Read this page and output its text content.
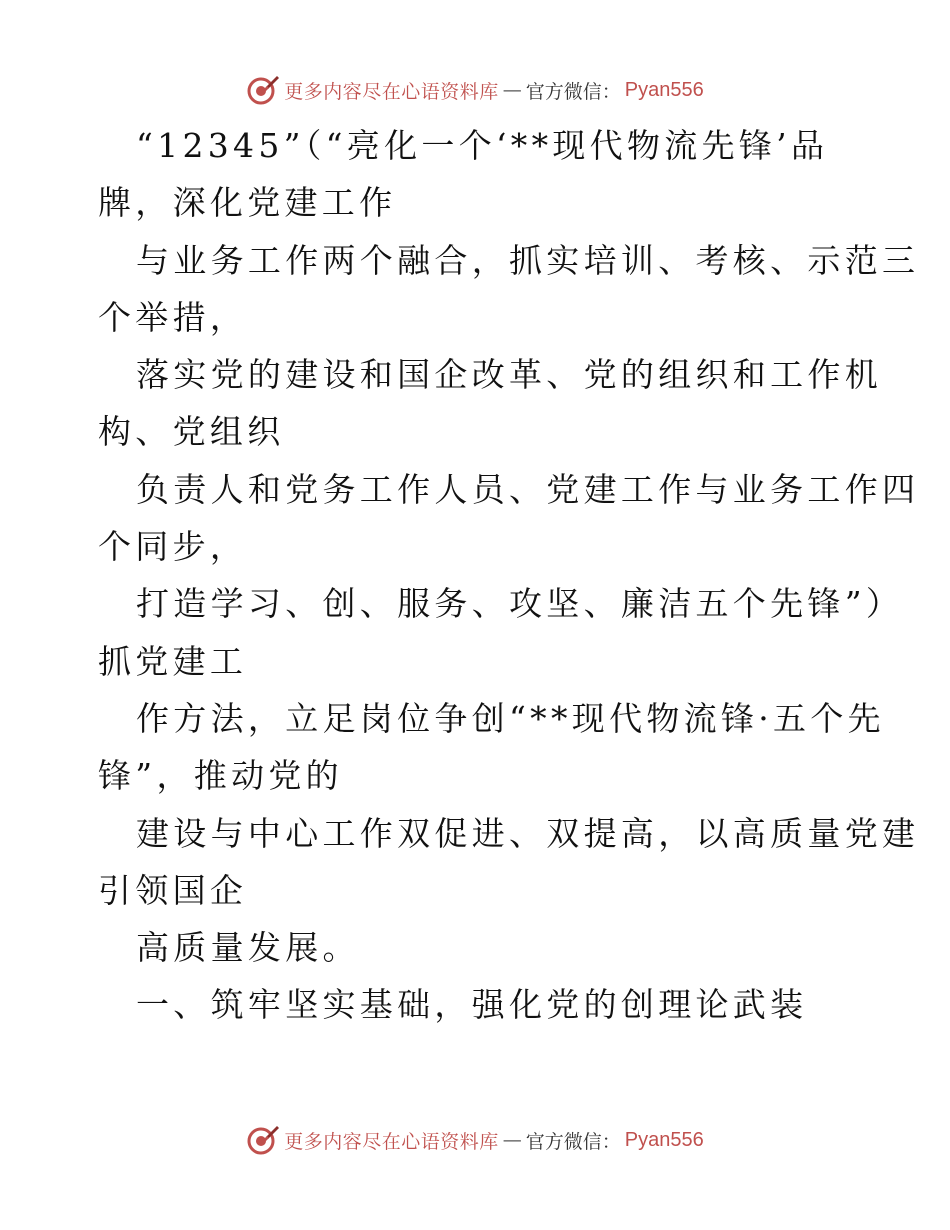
更多内容尽在心语资料库 — 官方微信： Pyan556
“12345”（“亮化一个‘**现代物流先锋’品
牌，深化党建工作
与业务工作两个融合，抓实培训、考核、示范三
个举措，
落实党的建设和国企改革、党的组织和工作机
构、党组织
负责人和党务工作人员、党建工作与业务工作四
个同步，
打造学习、创、服务、攻坚、廉洁五个先锋”）
抓党建工
作方法，立足岗位争创“**现代物流锋·五个先
锋”，推动党的
建设与中心工作双促进、双提高，以高质量党建
引领国企
高质量发展。
一、筑牢坚实基础，强化党的创理论武装
更多内容尽在心语资料库 — 官方微信： Pyan556
